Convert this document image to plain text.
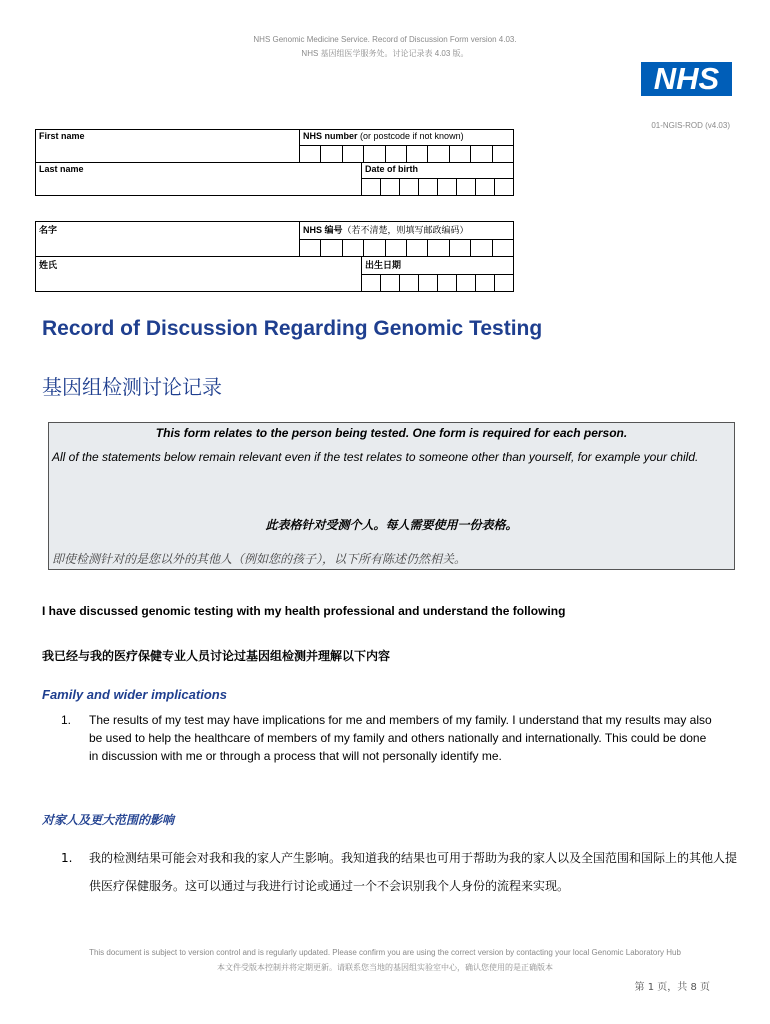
NHS Genomic Medicine Service. Record of Discussion Form version 4.03.
NHS 基因组医学服务处。讨论记录表 4.03 版。
NHS
01-NGIS-ROD (v4.03)
First name	NHS number (or postcode if not known)	

Last name		Date of birth
名字	NHS 编号（若不清楚，则填写邮政编码）	

姓氏		出生日期
Record of Discussion Regarding Genomic Testing
基因组检测讨论记录
This form relates to the person being tested. One form is required for each person.
All of the statements below remain relevant even if the test relates to someone other than yourself, for example your child.
此表格针对受测个人。每人需要使用一份表格。
即使检测针对的是您以外的其他人（例如您的孩子），以下所有陈述仍然相关。
I have discussed genomic testing with my health professional and understand the following
我已经与我的医疗保健专业人员讨论过基因组检测并理解以下内容
Family and wider implications
1. The results of my test may have implications for me and members of my family. I understand that my results may also be used to help the healthcare of members of my family and others nationally and internationally. This could be done in discussion with me or through a process that will not personally identify me.
对家人及更大范围的影响
1. 我的检测结果可能会对我和我的家人产生影响。我知道我的结果也可用于帮助为我的家人以及全国范围和国际上的其他人提供医疗保健服务。这可以通过与我进行讨论或通过一个不会识别我个人身份的流程来实现。
This document is subject to version control and is regularly updated. Please confirm you are using the correct version by contacting your local Genomic Laboratory Hub
本文件受版本控制并将定期更新。请联系您当地的基因组实验室中心，确认您使用的是正确版本
第 1 页，共 8 页
